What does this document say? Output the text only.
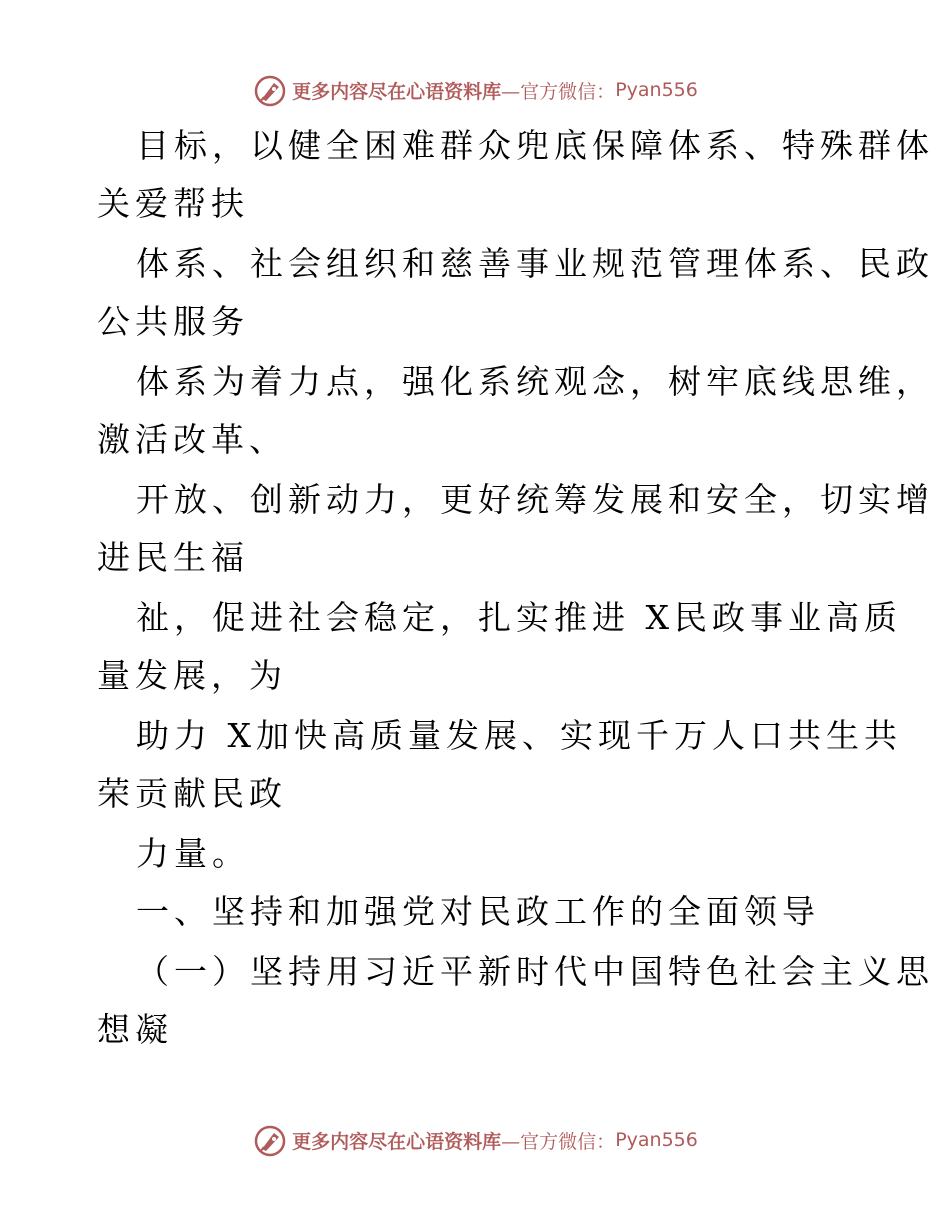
更多内容尽在心语资料库 —官方微信： Pyan556
目标，以健全困难群众兜底保障体系、特殊群体
关爱帮扶
体系、社会组织和慈善事业规范管理体系、民政
公共服务
体系为着力点，强化系统观念，树牢底线思维，
激活改革、
开放、创新动力，更好统筹发展和安全，切实增
进民生福
祉，促进社会稳定，扎实推进 X民政事业高质
量发展，为
助力 X加快高质量发展、实现千万人口共生共
荣贡献民政
力量。
一、坚持和加强党对民政工作的全面领导
（一）坚持用习近平新时代中国特色社会主义思
想凝
更多内容尽在心语资料库 —官方微信： Pyan556
